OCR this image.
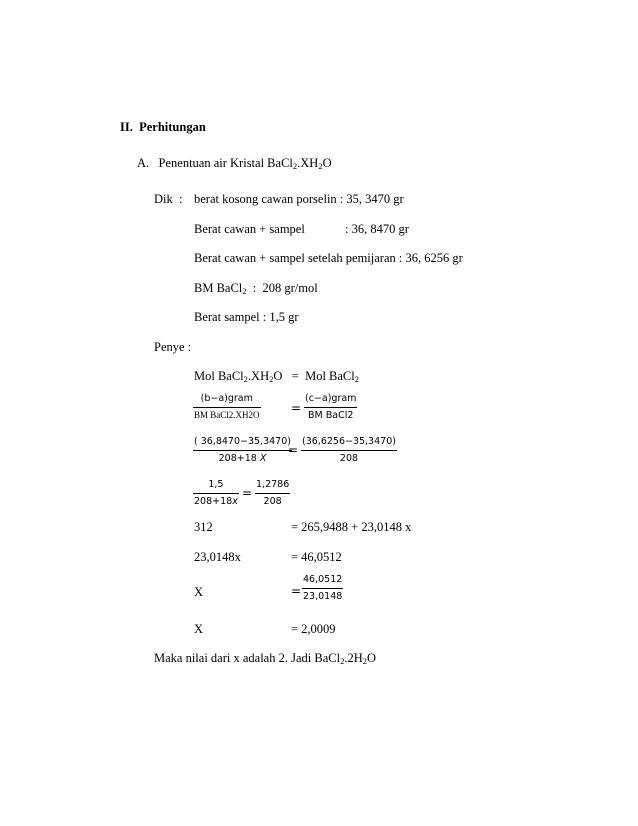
II. Perhitungan
A. Penentuan air Kristal $BaCl_2.XH_2O$
Dik : berat kosong cawan porselin : 35, 3470 gr
Berat cawan + sampel	: 36, 8470 gr
Berat cawan + sampel setelah pemijaran : 36, 6256 gr
BM BaCl$_2$  :  208 gr/mol
Berat sampel : 1,5 gr
Penye :
Mol $BaCl_2.XH_2O$ = Mol BaCl$_2$
(b−a)gram
BM BaCl2.XH2O	=
(c−a)gram
BM BaCl2
( 36,8470−35,3470)
208+18 X
=
(36,6256−35,3470)
208
1,5
208+18x
=
1,2786
208
312	= 265,9488 + 23,0148 x
23,0148x	= 46,0512
X	=
46,0512
23,0148
X	= 2,0009
Maka nilai dari x adalah 2. Jadi $BaCl_2.2H_2O$
